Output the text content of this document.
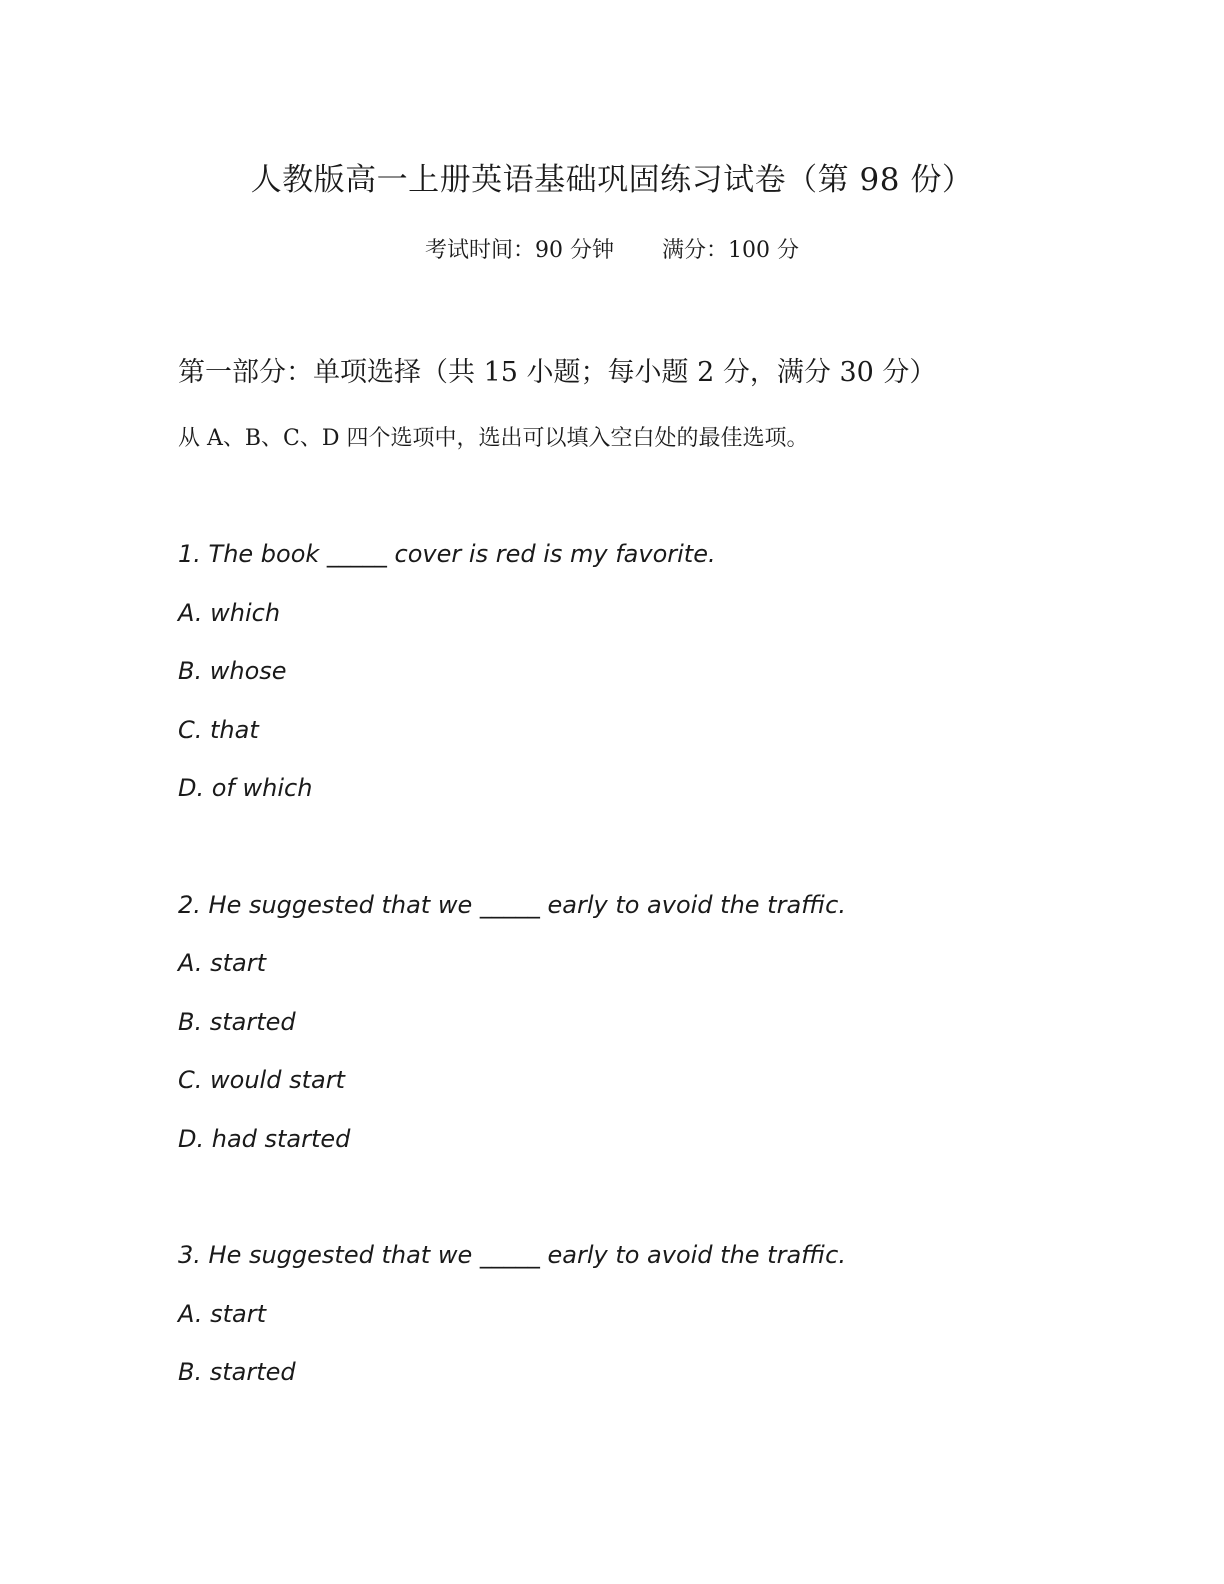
人教版高一上册英语基础巩固练习试卷（第 98 份）
考试时间：90 分钟 满分：100 分
第一部分：单项选择（共 15 小题；每小题 2 分，满分 30 分）
从 A、B、C、D 四个选项中，选出可以填入空白处的最佳选项。
1. The book _____ cover is red is my favorite.
A. which
B. whose
C. that
D. of which
2. He suggested that we _____ early to avoid the traffic.
A. start
B. started
C. would start
D. had started
3. He suggested that we _____ early to avoid the traffic.
A. start
B. started
